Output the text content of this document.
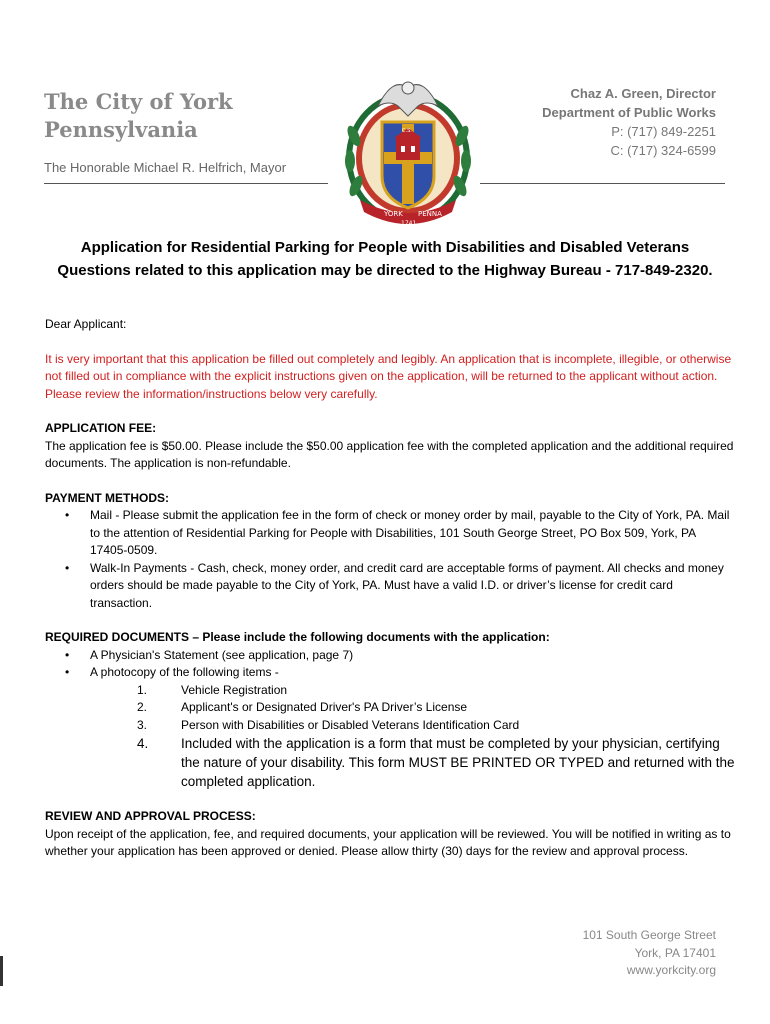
The City of York
Pennsylvania
The Honorable Michael R. Helfrich, Mayor
Chaz A. Green, Director
Department of Public Works
P: (717) 849-2251
C: (717) 324-6599
YORK PENNA
1741
C.S.
Application for Residential Parking for People with Disabilities and Disabled Veterans
Questions related to this application may be directed to the Highway Bureau - 717-849-2320.

Dear Applicant:

It is very important that this application be filled out completely and legibly. An application that is incomplete, illegible, or otherwise not filled out in compliance with the explicit instructions given on the application, will be returned to the applicant without action. Please review the information/instructions below very carefully.

APPLICATION FEE:

The application fee is $50.00. Please include the $50.00 application fee with the completed application and the additional required documents. The application is non-refundable.

PAYMENT METHODS:

• Mail - Please submit the application fee in the form of check or money order by mail, payable to the City of York, PA. Mail to the attention of Residential Parking for People with Disabilities, 101 South George Street, PO Box 509, York, PA 17405-0509.
• Walk-In Payments - Cash, check, money order, and credit card are acceptable forms of payment. All checks and money orders should be made payable to the City of York, PA. Must have a valid I.D. or driver’s license for credit card transaction.

REQUIRED DOCUMENTS – Please include the following documents with the application:

• A Physician's Statement (see application, page 7)
• A photocopy of the following items -
1.	Vehicle Registration
2.	Applicant's or Designated Driver's PA Driver’s License
3.	Person with Disabilities or Disabled Veterans Identification Card
4. Included with the application is a form that must be completed by your physician, certifying the nature of your disability. This form MUST BE PRINTED OR TYPED and returned with the completed application.

REVIEW AND APPROVAL PROCESS:

Upon receipt of the application, fee, and required documents, your application will be reviewed. You will be notified in writing as to whether your application has been approved or denied. Please allow thirty (30) days for the review and approval process.

101 South George Street
York, PA 17401
www.yorkcity.org
